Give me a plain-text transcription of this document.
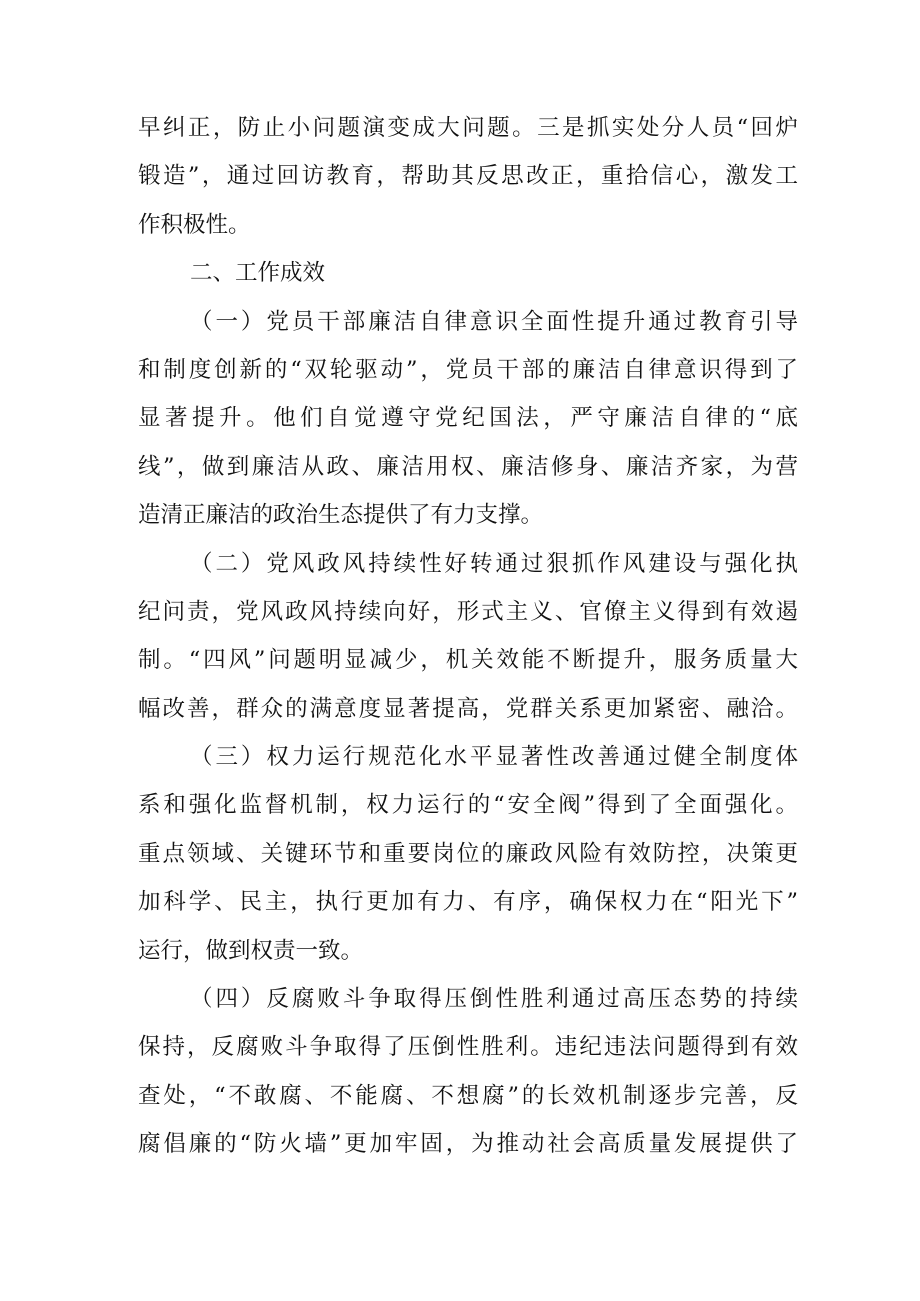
早纠正，防止小问题演变成大问题。三是抓实处分人员“回炉
锻造”，通过回访教育，帮助其反思改正，重拾信心，激发工
作积极性。
二、工作成效
（一）党员干部廉洁自律意识全面性提升通过教育引导
和制度创新的“双轮驱动”，党员干部的廉洁自律意识得到了
显著提升。他们自觉遵守党纪国法，严守廉洁自律的“底
线”，做到廉洁从政、廉洁用权、廉洁修身、廉洁齐家，为营
造清正廉洁的政治生态提供了有力支撑。
（二）党风政风持续性好转通过狠抓作风建设与强化执
纪问责，党风政风持续向好，形式主义、官僚主义得到有效遏
制。“四风”问题明显减少，机关效能不断提升，服务质量大
幅改善，群众的满意度显著提高，党群关系更加紧密、融洽。
（三）权力运行规范化水平显著性改善通过健全制度体
系和强化监督机制，权力运行的“安全阀”得到了全面强化。
重点领域、关键环节和重要岗位的廉政风险有效防控，决策更
加科学、民主，执行更加有力、有序，确保权力在“阳光下”
运行，做到权责一致。
（四）反腐败斗争取得压倒性胜利通过高压态势的持续
保持，反腐败斗争取得了压倒性胜利。违纪违法问题得到有效
查处，“不敢腐、不能腐、不想腐”的长效机制逐步完善，反
腐倡廉的“防火墙”更加牢固，为推动社会高质量发展提供了
